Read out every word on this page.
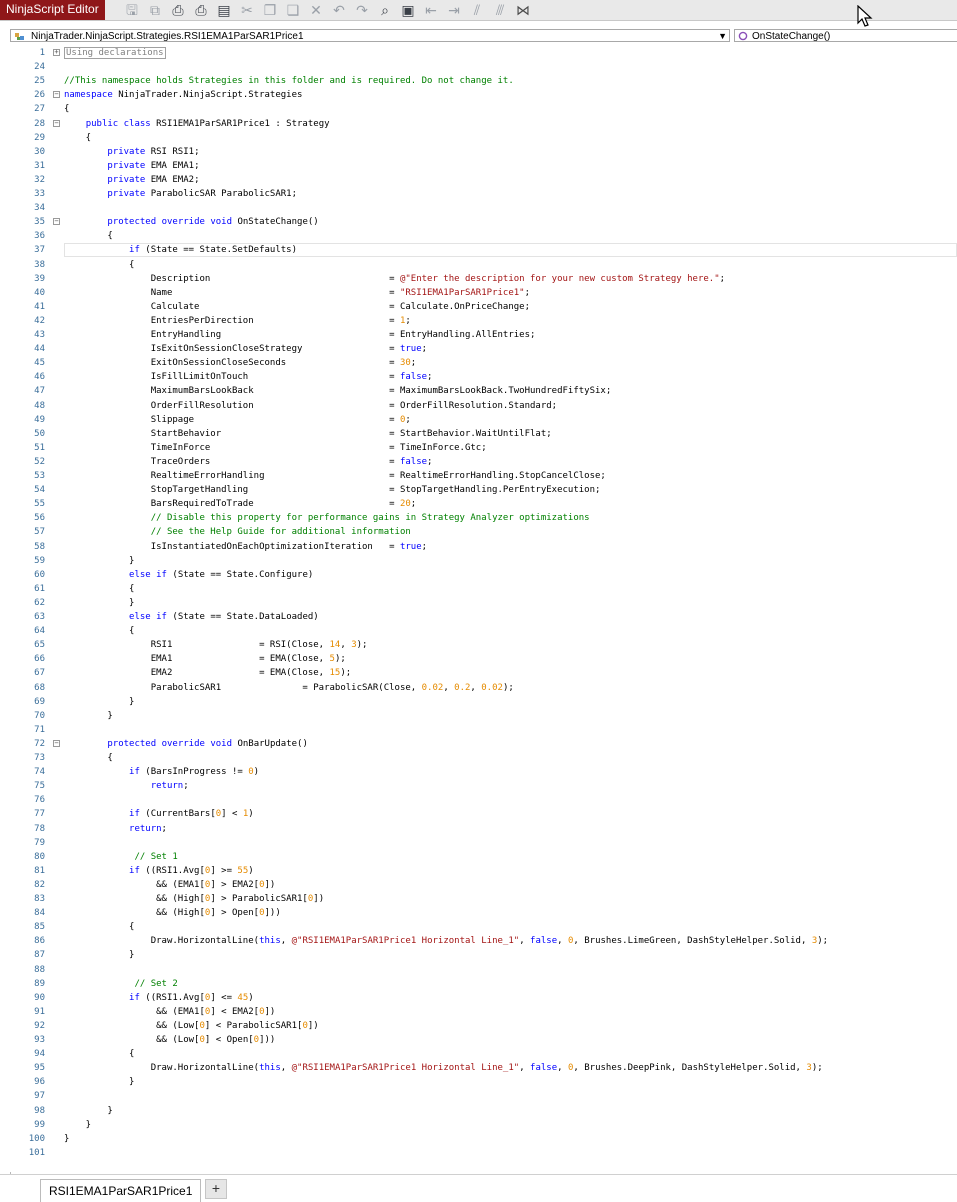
NinjaScript Editor	🖫 ⧉ ⎙ ⎙ ▤ ✂ ❐ ❏ ✕ ↶ ↷ ⌕ ▣ ⇤ ⇥	⫽	⫻ ⋈
NinjaTrader.NinjaScript.Strategies.RSI1EMA1ParSAR1Price1	▼	OnStateChange()
1 + Using declarations
24
25 //This namespace holds Strategies in this folder and is required. Do not change it.
26 − namespace NinjaTrader.NinjaScript.Strategies
27 {
28 −	public class RSI1EMA1ParSAR1Price1 : Strategy
29 {
30	private RSI RSI1;
31	private EMA EMA1;
32	private EMA EMA2;
33	private ParabolicSAR ParabolicSAR1;
34
35 −	protected override void OnStateChange()
36 {
37	if (State == State.SetDefaults)
38 {
39 Description                                 = @"Enter the description for your new custom Strategy here.";
40 Name                                        = "RSI1EMA1ParSAR1Price1";
41 Calculate                                   = Calculate.OnPriceChange;
42 EntriesPerDirection                         = 1;
43 EntryHandling                               = EntryHandling.AllEntries;
44 IsExitOnSessionCloseStrategy                = true;
45 ExitOnSessionCloseSeconds                   = 30;
46 IsFillLimitOnTouch                          = false;
47 MaximumBarsLookBack                         = MaximumBarsLookBack.TwoHundredFiftySix;
48 OrderFillResolution                         = OrderFillResolution.Standard;
49 Slippage                                    = 0;
50 StartBehavior                               = StartBehavior.WaitUntilFlat;
51 TimeInForce                                 = TimeInForce.Gtc;
52 TraceOrders                                 = false;
53 RealtimeErrorHandling                       = RealtimeErrorHandling.StopCancelClose;
54 StopTargetHandling                          = StopTargetHandling.PerEntryExecution;
55 BarsRequiredToTrade                         = 20;
56	// Disable this property for performance gains in Strategy Analyzer optimizations
57	// See the Help Guide for additional information
58 IsInstantiatedOnEachOptimizationIteration   = true;
59 }
60	else if (State == State.Configure)
61 {
62 }
63	else if (State == State.DataLoaded)
64 {
65 RSI1                = RSI(Close, 14, 3);
66 EMA1                = EMA(Close, 5);
67 EMA2                = EMA(Close, 15);
68 ParabolicSAR1               = ParabolicSAR(Close, 0.02, 0.2, 0.02);
69 }
70 }
71
72 −	protected override void OnBarUpdate()
73 {
74	if (BarsInProgress != 0)
75	return;
76
77	if (CurrentBars[0] < 1)
78	return;
79
80	// Set 1
81	if ((RSI1.Avg[0] >= 55)
82 && (EMA1[0] > EMA2[0])
83 && (High[0] > ParabolicSAR1[0])
84 && (High[0] > Open[0]))
85 {
86 Draw.HorizontalLine(this, @"RSI1EMA1ParSAR1Price1 Horizontal Line_1", false, 0, Brushes.LimeGreen, DashStyleHelper.Solid, 3);
87 }
88
89	// Set 2
90	if ((RSI1.Avg[0] <= 45)
91 && (EMA1[0] < EMA2[0])
92 && (Low[0] < ParabolicSAR1[0])
93 && (Low[0] < Open[0]))
94 {
95 Draw.HorizontalLine(this, @"RSI1EMA1ParSAR1Price1 Horizontal Line_1", false, 0, Brushes.DeepPink, DashStyleHelper.Solid, 3);
96 }
97
98 }
99 }
100 }
101
RSI1EMA1ParSAR1Price1	+
